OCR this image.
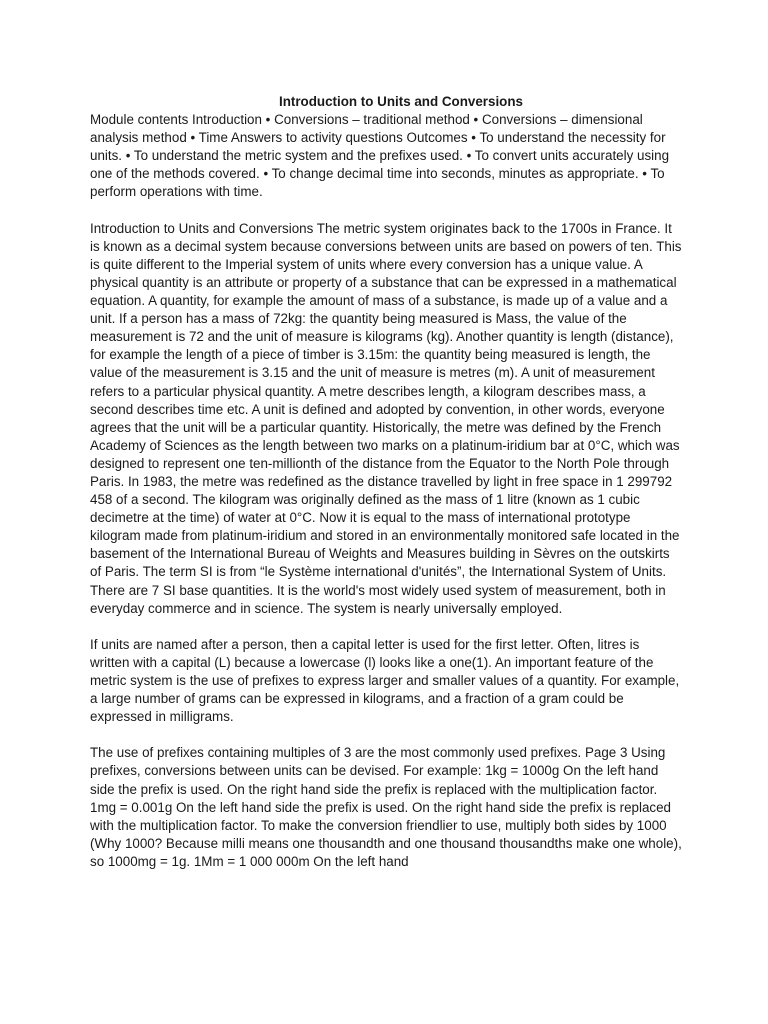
Introduction to Units and Conversions

Module contents Introduction • Conversions – traditional method • Conversions – dimensional analysis method • Time Answers to activity questions Outcomes • To understand the necessity for units. • To understand the metric system and the prefixes used. • To convert units accurately using one of the methods covered. • To change decimal time into seconds, minutes as appropriate. • To perform operations with time.

Introduction to Units and Conversions The metric system originates back to the 1700s in France. It is known as a decimal system because conversions between units are based on powers of ten. This is quite different to the Imperial system of units where every conversion has a unique value. A physical quantity is an attribute or property of a substance that can be expressed in a mathematical equation. A quantity, for example the amount of mass of a substance, is made up of a value and a unit. If a person has a mass of 72kg: the quantity being measured is Mass, the value of the measurement is 72 and the unit of measure is kilograms (kg). Another quantity is length (distance), for example the length of a piece of timber is 3.15m: the quantity being measured is length, the value of the measurement is 3.15 and the unit of measure is metres (m). A unit of measurement refers to a particular physical quantity. A metre describes length, a kilogram describes mass, a second describes time etc. A unit is defined and adopted by convention, in other words, everyone agrees that the unit will be a particular quantity. Historically, the metre was defined by the French Academy of Sciences as the length between two marks on a platinum-iridium bar at 0°C, which was designed to represent one ten-millionth of the distance from the Equator to the North Pole through Paris. In 1983, the metre was redefined as the distance travelled by light in free space in 1 299792 458 of a second. The kilogram was originally defined as the mass of 1 litre (known as 1 cubic decimetre at the time) of water at 0°C. Now it is equal to the mass of international prototype kilogram made from platinum-iridium and stored in an environmentally monitored safe located in the basement of the International Bureau of Weights and Measures building in Sèvres on the outskirts of Paris. The term SI is from “le Système international d'unités”, the International System of Units. There are 7 SI base quantities. It is the world's most widely used system of measurement, both in everyday commerce and in science. The system is nearly universally employed.

If units are named after a person, then a capital letter is used for the first letter. Often, litres is written with a capital (L) because a lowercase (l) looks like a one(1). An important feature of the metric system is the use of prefixes to express larger and smaller values of a quantity. For example, a large number of grams can be expressed in kilograms, and a fraction of a gram could be expressed in milligrams.

The use of prefixes containing multiples of 3 are the most commonly used prefixes. Page 3 Using prefixes, conversions between units can be devised. For example: 1kg = 1000g On the left hand side the prefix is used. On the right hand side the prefix is replaced with the multiplication factor. 1mg = 0.001g On the left hand side the prefix is used. On the right hand side the prefix is replaced with the multiplication factor. To make the conversion friendlier to use, multiply both sides by 1000 (Why 1000? Because milli means one thousandth and one thousand thousandths make one whole), so 1000mg = 1g. 1Mm = 1 000 000m On the left hand
